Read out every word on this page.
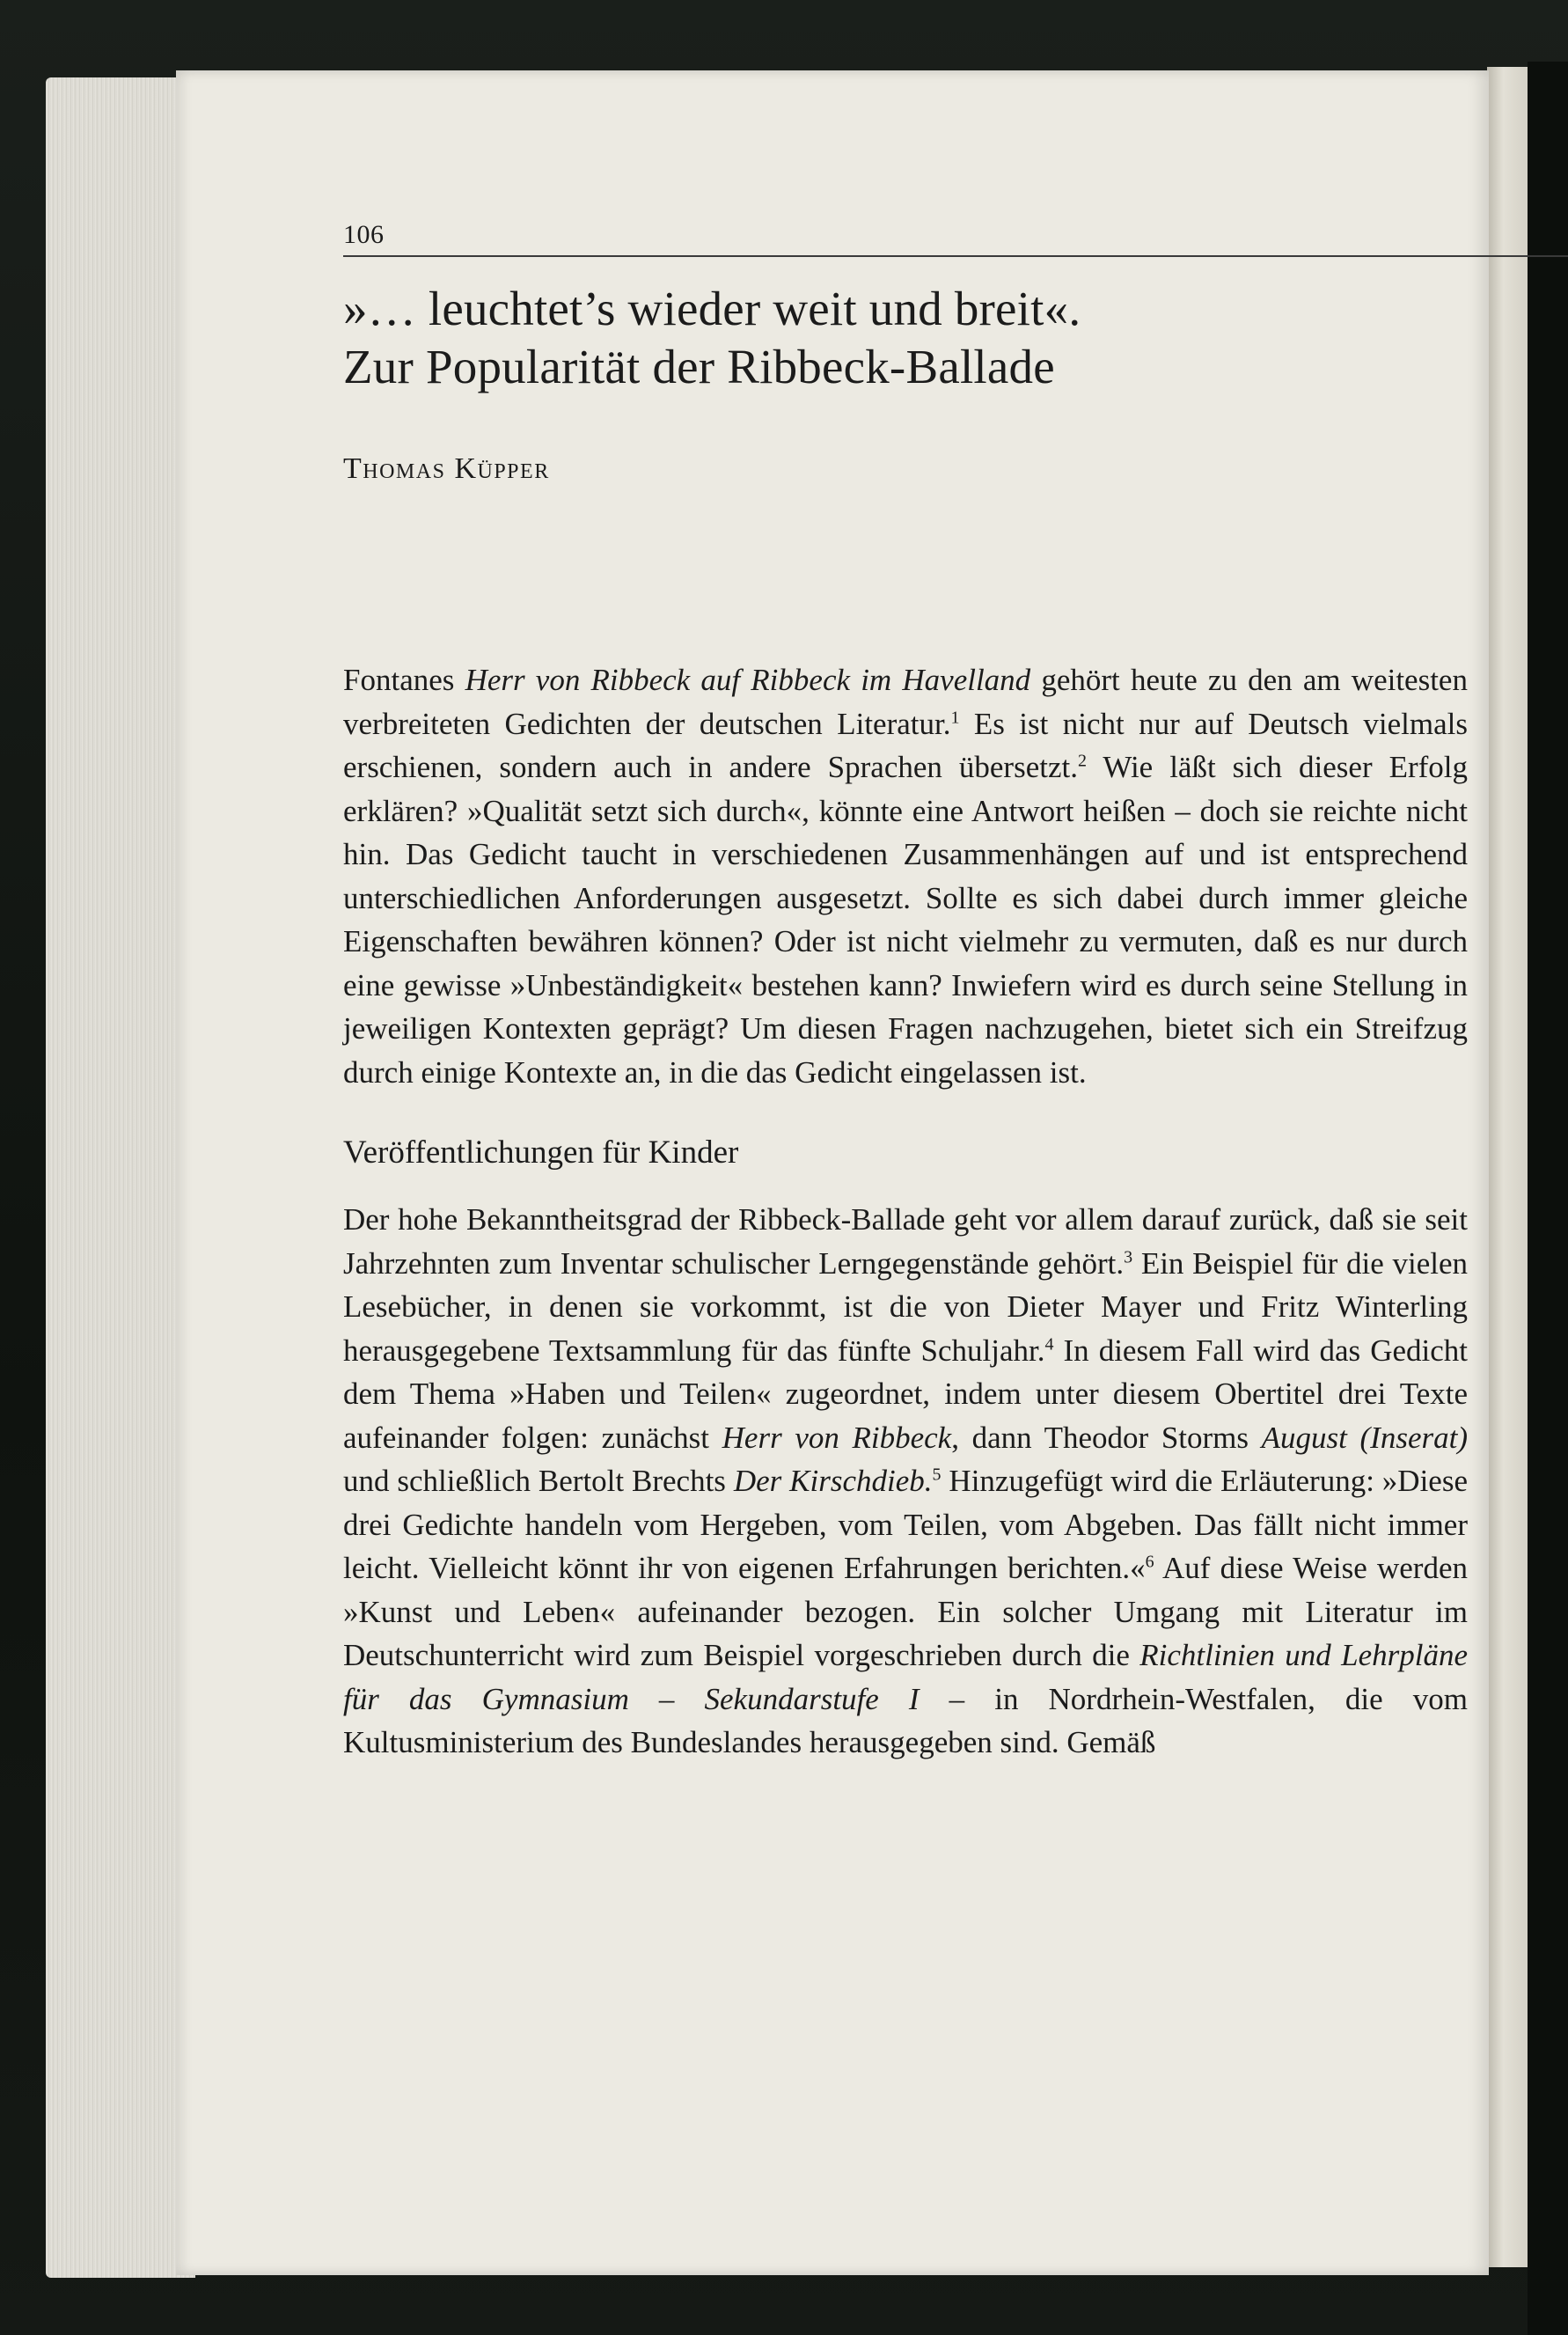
106
»… leuchtet’s wieder weit und breit«.
Zur Popularität der Ribbeck-Ballade
Thomas Küpper

Fontanes Herr von Ribbeck auf Ribbeck im Havelland gehört heute zu den am weitesten verbreiteten Gedichten der deutschen Literatur.$^1$ Es ist nicht nur auf Deutsch vielmals erschienen, sondern auch in andere Sprachen übersetzt.$^2$ Wie läßt sich dieser Erfolg erklären? »Qualität setzt sich durch«, könnte eine Antwort heißen – doch sie reichte nicht hin. Das Gedicht taucht in verschiedenen Zusammenhängen auf und ist entsprechend unterschiedlichen Anforderungen ausgesetzt. Sollte es sich dabei durch immer gleiche Eigenschaften bewähren können? Oder ist nicht vielmehr zu vermuten, daß es nur durch eine gewisse »Unbeständigkeit« bestehen kann? Inwiefern wird es durch seine Stellung in jeweiligen Kontexten geprägt? Um diesen Fragen nachzugehen, bietet sich ein Streifzug durch einige Kontexte an, in die das Gedicht eingelassen ist.

Veröffentlichungen für Kinder

Der hohe Bekanntheitsgrad der Ribbeck-Ballade geht vor allem darauf zurück, daß sie seit Jahrzehnten zum Inventar schulischer Lerngegenstände gehört.$^3$ Ein Beispiel für die vielen Lesebücher, in denen sie vorkommt, ist die von Dieter Mayer und Fritz Winterling herausgegebene Textsammlung für das fünfte Schuljahr.$^4$ In diesem Fall wird das Gedicht dem Thema »Haben und Teilen« zugeordnet, indem unter diesem Obertitel drei Texte aufeinander folgen: zunächst Herr von Ribbeck, dann Theodor Storms August (Inserat) und schließlich Bertolt Brechts Der Kirschdieb.$^5$ Hinzugefügt wird die Erläuterung: »Diese drei Gedichte handeln vom Hergeben, vom Teilen, vom Abgeben. Das fällt nicht immer leicht. Vielleicht könnt ihr von eigenen Erfahrungen berichten.«$^6$ Auf diese Weise werden »Kunst und Leben« aufeinander bezogen. Ein solcher Umgang mit Literatur im Deutschunterricht wird zum Beispiel vorgeschrieben durch die Richtlinien und Lehrpläne für das Gymnasium – Sekundarstufe I – in Nordrhein-Westfalen, die vom Kultusministerium des Bundeslandes herausgegeben sind. Gemäß
